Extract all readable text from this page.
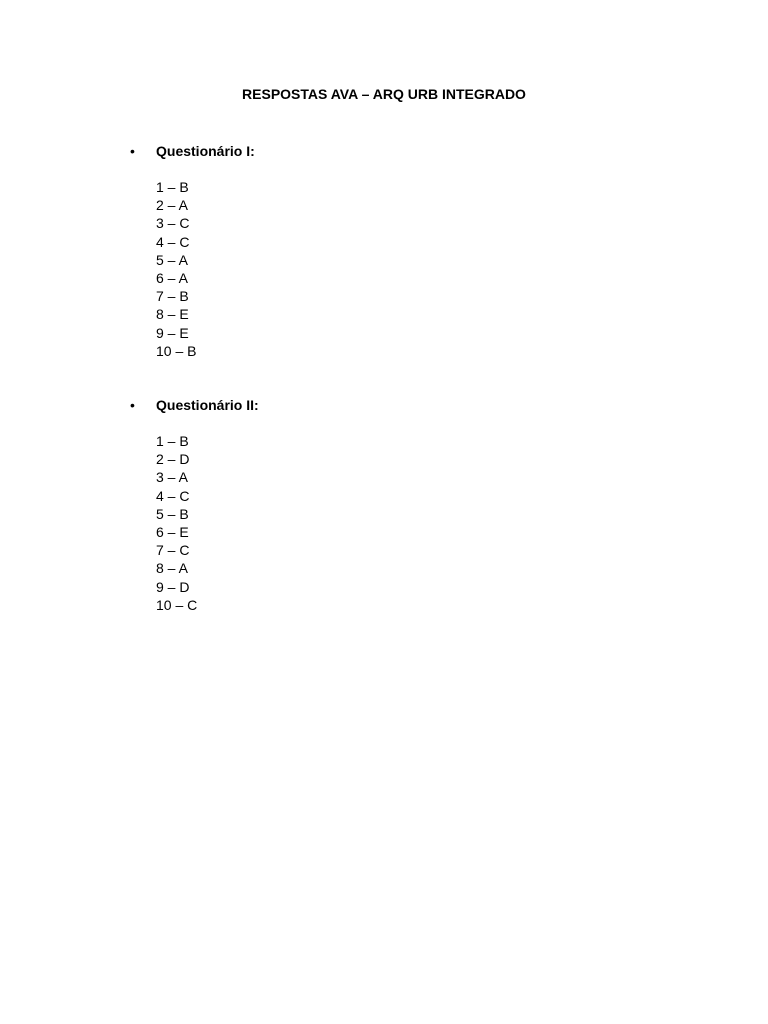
RESPOSTAS AVA – ARQ URB INTEGRADO
• Questionário I:
1 – B
2 – A
3 – C
4 – C
5 – A
6 – A
7 – B
8 – E
9 – E
10 – B
• Questionário II:
1 – B
2 – D
3 – A
4 – C
5 – B
6 – E
7 – C
8 – A
9 – D
10 – C
